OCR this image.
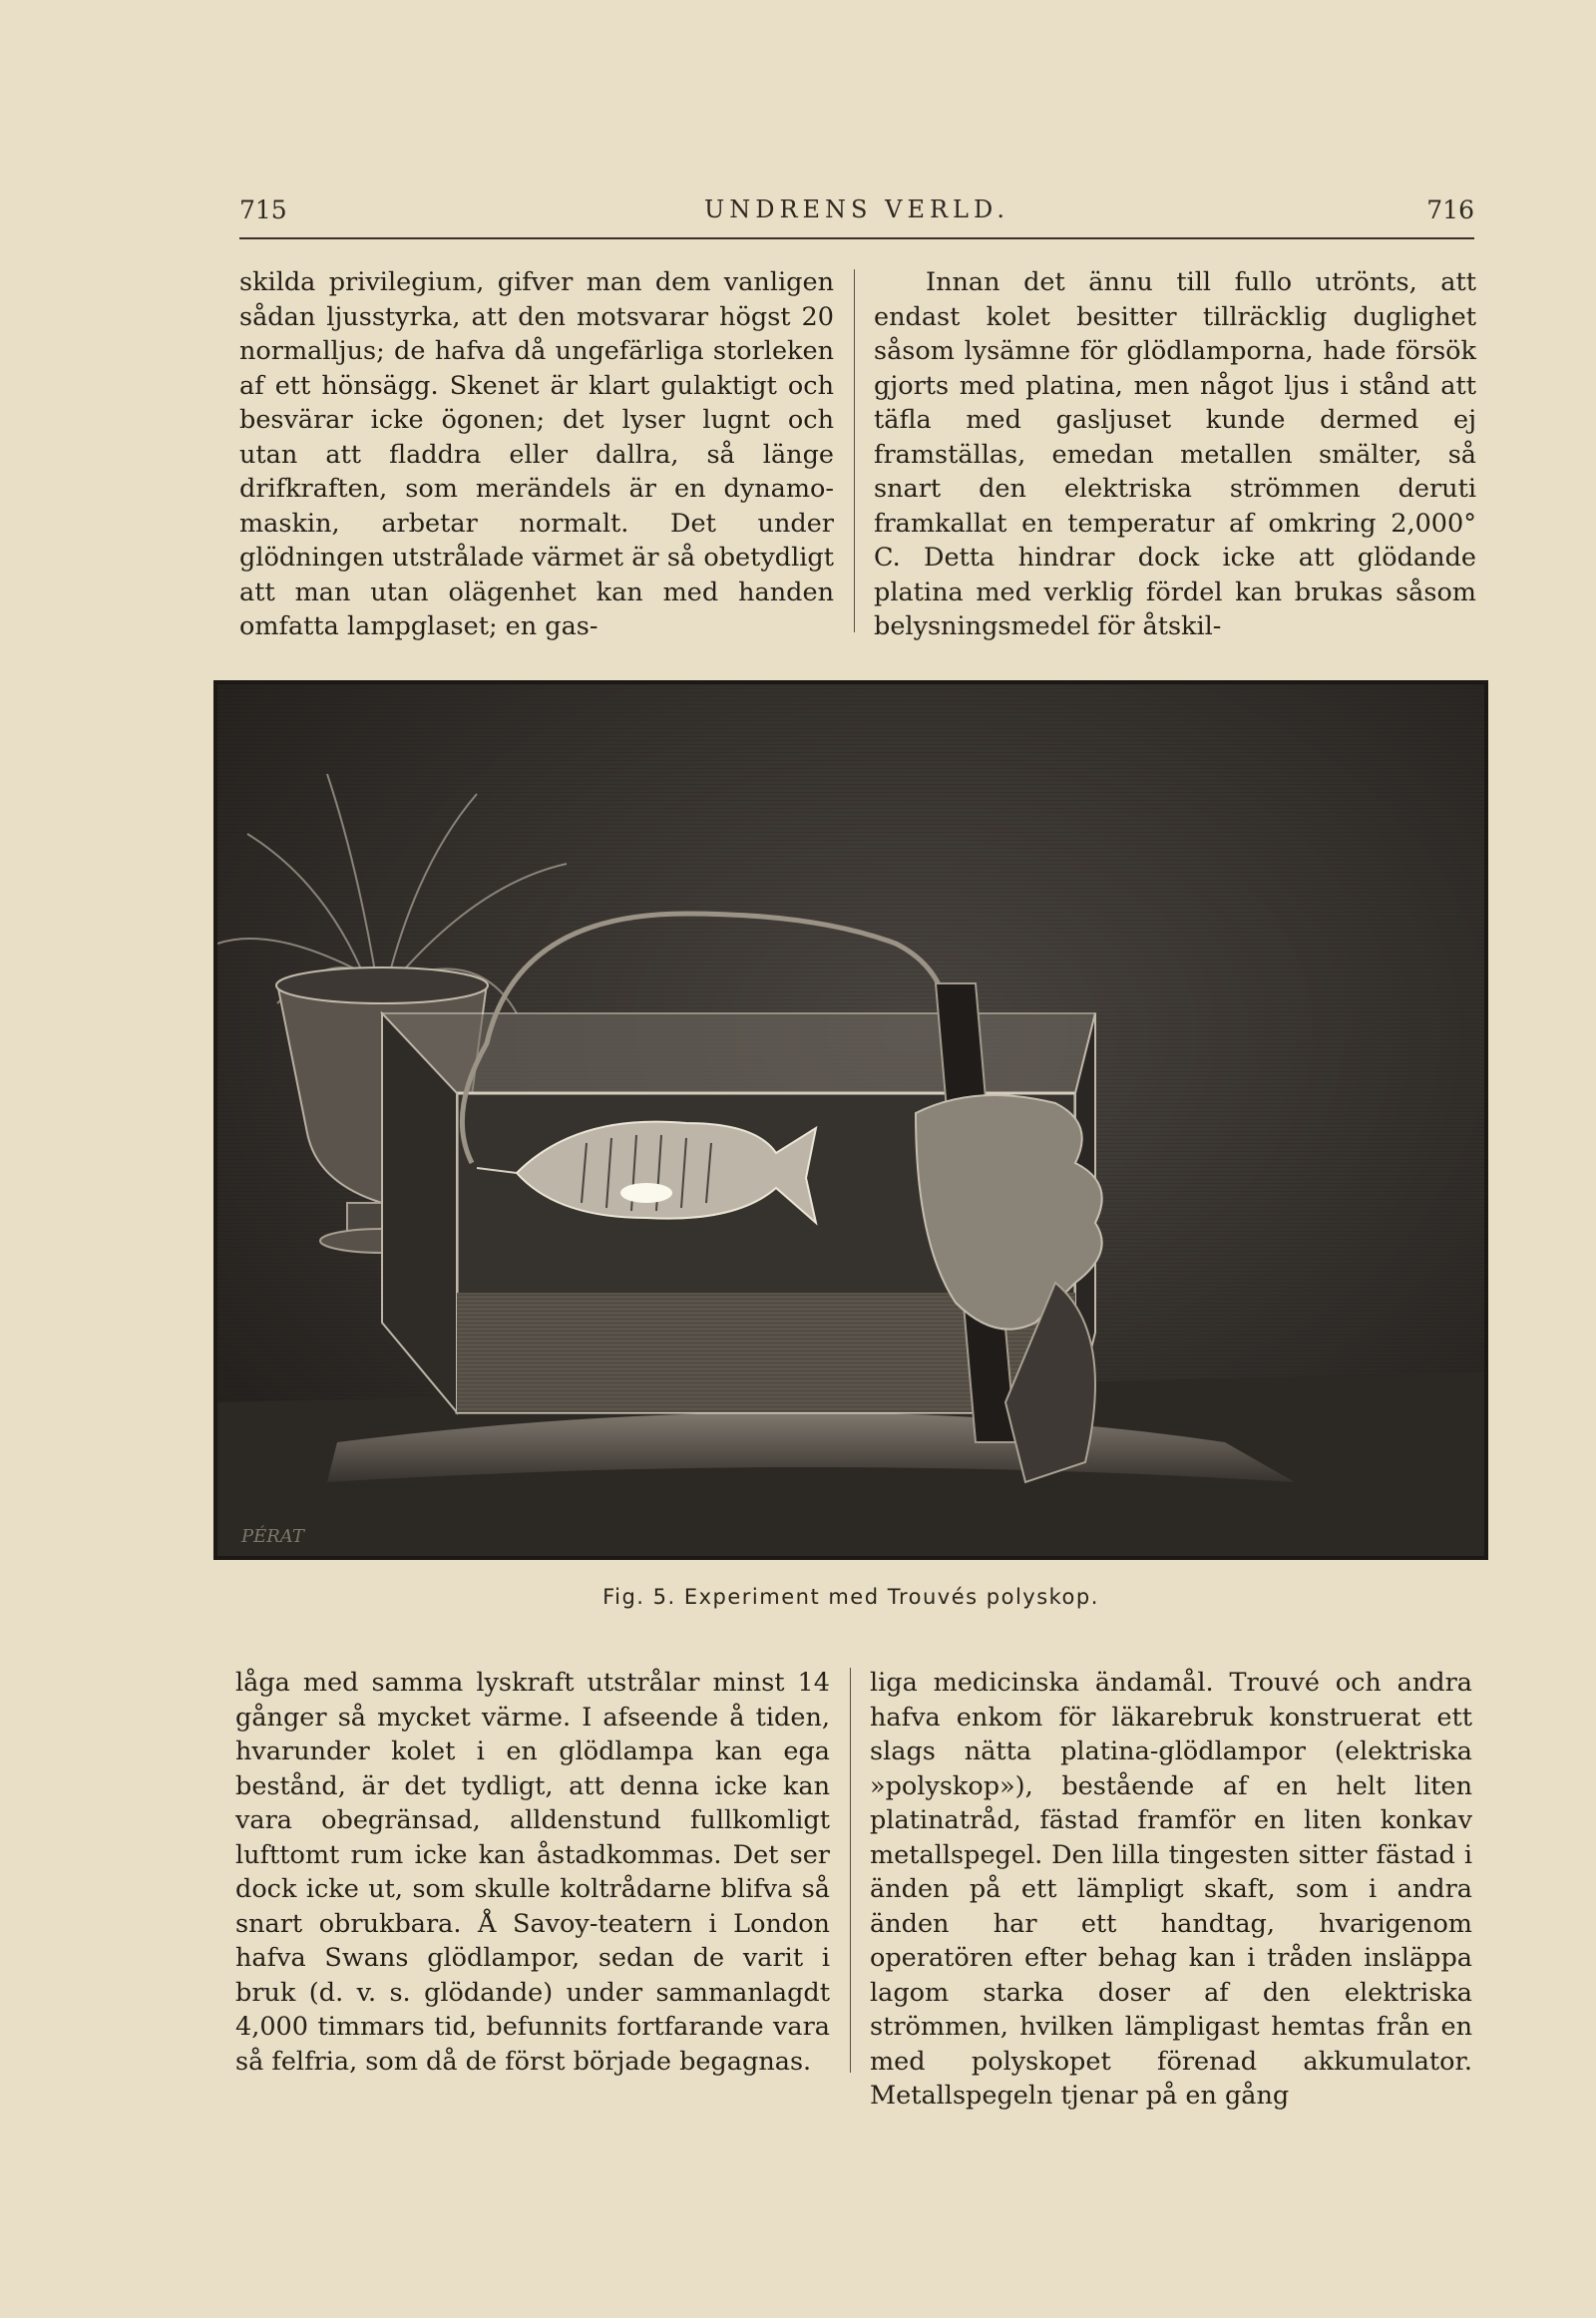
715	UNDRENS VERLD.	716

skilda privilegium, gifver man dem vanligen sådan ljusstyrka, att den motsvarar högst 20 normalljus; de hafva då ungefärliga storleken af ett hönsägg. Skenet är klart gulaktigt och besvärar icke ögonen; det lyser lugnt och utan att fladdra eller dallra, så länge drifkraften, som merändels är en dynamo-maskin, arbetar normalt. Det under glödningen utstrålade värmet är så obetydligt att man utan olägenhet kan med handen omfatta lampglaset; en gas-

Innan det ännu till fullo utrönts, att endast kolet besitter tillräcklig duglighet såsom lysämne för glödlamporna, hade försök gjorts med platina, men något ljus i stånd att täfla med gasljuset kunde dermed ej framställas, emedan metallen smälter, så snart den elektriska strömmen deruti framkallat en temperatur af omkring 2,000° C. Detta hindrar dock icke att glödande platina med verklig fördel kan brukas såsom belysningsmedel för åtskil-

PÉRAT
Fig. 5. Experiment med Trouvés polyskop.

låga med samma lyskraft utstrålar minst 14 gånger så mycket värme. I afseende å tiden, hvarunder kolet i en glödlampa kan ega bestånd, är det tydligt, att denna icke kan vara obegränsad, alldenstund fullkomligt lufttomt rum icke kan åstadkommas. Det ser dock icke ut, som skulle koltrådarne blifva så snart obrukbara. Å Savoy-teatern i London hafva Swans glödlampor, sedan de varit i bruk (d. v. s. glödande) under sammanlagdt 4,000 timmars tid, befunnits fortfarande vara så felfria, som då de först började begagnas.

liga medicinska ändamål. Trouvé och andra hafva enkom för läkarebruk konstruerat ett slags nätta platina-glödlampor (elektriska »polyskop»), bestående af en helt liten platinatråd, fästad framför en liten konkav metallspegel. Den lilla tingesten sitter fästad i änden på ett lämpligt skaft, som i andra änden har ett handtag, hvarigenom operatören efter behag kan i tråden insläppa lagom starka doser af den elektriska strömmen, hvilken lämpligast hemtas från en med polyskopet förenad akkumulator. Metallspegeln tjenar på en gång
